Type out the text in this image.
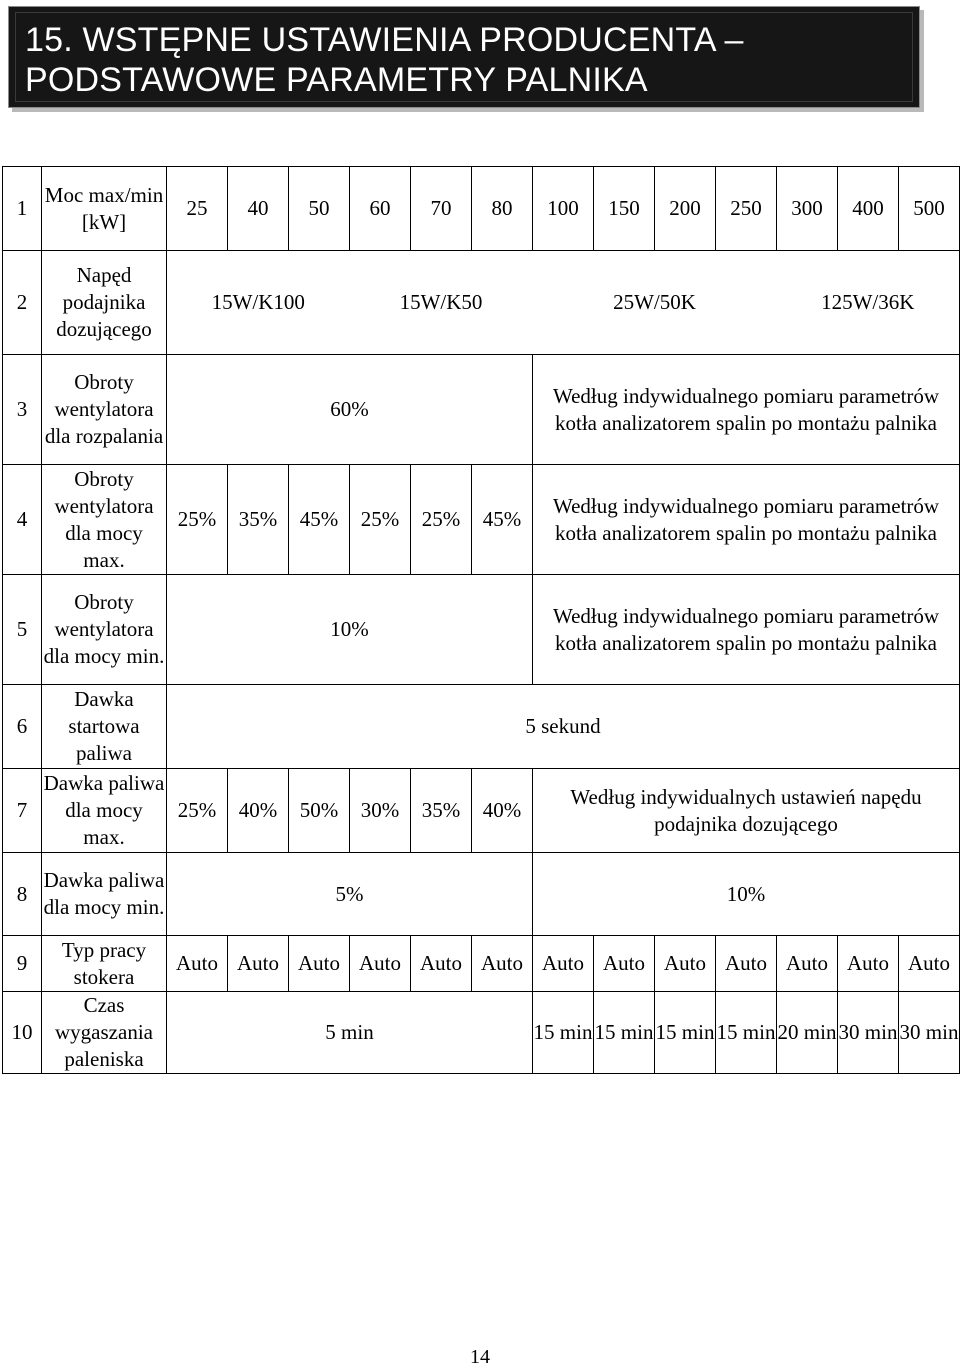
15. WSTĘPNE USTAWIENIA PRODUCENTA –
PODSTAWOWE PARAMETRY PALNIKA
1	Moc max/min [kW]	25	40	50	60	70	80	100	150	200	250	300	400	500
2	Napęd podajnika dozującego	15W/K100			15W/K50			25W/50K				125W/36K		
3	Obroty wentylatora dla rozpalania	60%						Według indywidualnego pomiaru parametrów kotła analizatorem spalin po montażu palnika						
4	Obroty wentylatora dla mocy max.	25%	35%	45%	25%	25%	45%	Według indywidualnego pomiaru parametrów kotła analizatorem spalin po montażu palnika						
5	Obroty wentylatora dla mocy min.	10%						Według indywidualnego pomiaru parametrów kotła analizatorem spalin po montażu palnika						
6	Dawka startowa paliwa	5 sekund												
7	Dawka paliwa dla mocy max.	25%	40%	50%	30%	35%	40%	Według indywidualnych ustawień napędu podajnika dozującego						
8	Dawka paliwa dla mocy min.	5%						10%						
9	Typ pracy stokera	Auto	Auto	Auto	Auto	Auto	Auto	Auto	Auto	Auto	Auto	Auto	Auto	Auto
10	Czas wygaszania paleniska	5 min						15 min	15 min	15 min	15 min	20 min	30 min	30 min
14
